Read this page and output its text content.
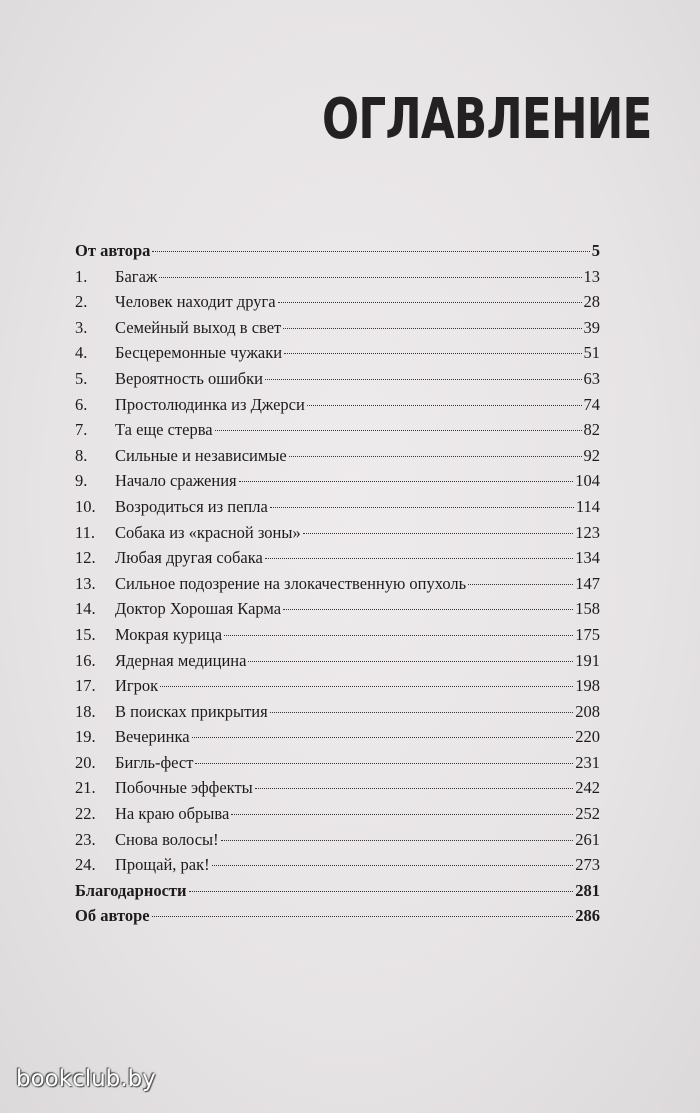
ОГЛАВЛЕНИЕ
От автора	5
1.	Багаж	13
2.	Человек находит друга	28
3.	Семейный выход в свет	39
4.	Бесцеремонные чужаки	51
5.	Вероятность ошибки	63
6.	Простолюдинка из Джерси	74
7.	Та еще стерва	82
8.	Сильные и независимые	92
9.	Начало сражения	104
10.	Возродиться из пепла	114
11.	Собака из «красной зоны»	123
12.	Любая другая собака	134
13.	Сильное подозрение на злокачественную опухоль	147
14.	Доктор Хорошая Карма	158
15.	Мокрая курица	175
16.	Ядерная медицина	191
17.	Игрок	198
18.	В поисках прикрытия	208
19.	Вечеринка	220
20.	Бигль-фест	231
21.	Побочные эффекты	242
22.	На краю обрыва	252
23.	Снова волосы!	261
24.	Прощай, рак!	273
Благодарности	281
Об авторе	286
bookclub.by
